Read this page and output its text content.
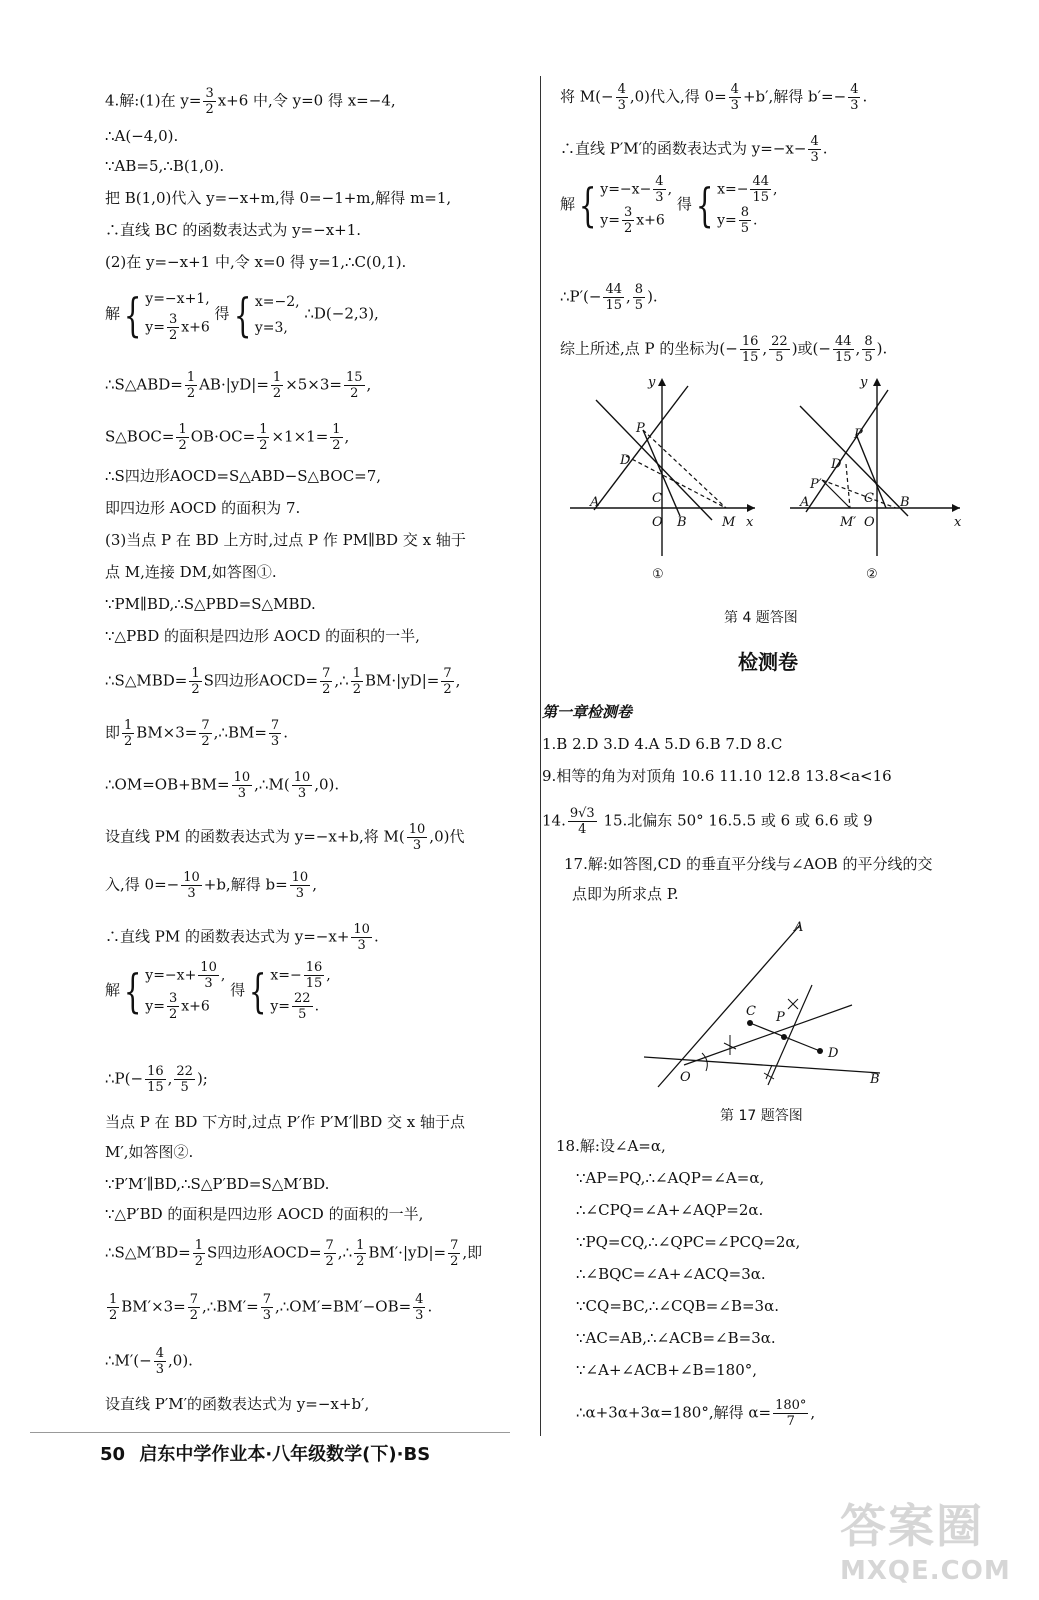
4.解:(1)在 $y= \frac{3}{2} x+6$ 中,令 y=0 得 x=−4,
∴A(−4,0).
∵AB=5,∴B(1,0).
把 B(1,0)代入 y=−x+m,得 0=−1+m,解得 m=1,
∴直线 BC 的函数表达式为 y=−x+1.
(2)在 y=−x+1 中,令 x=0 得 y=1,∴C(0,1).
解{ y=−x+1,
$y= \frac{3}{2} x+6$ 得{ x=−2,
y=3, ∴D(−2,3),
∴S△ABD= $\frac{1}{2} AB\cdot|yD|= \frac{1}{2} \times 5\times 3= \frac{15}{2}$ ,
S△BOC= $\frac{1}{2} OB\cdot OC= \frac{1}{2} \times 1\times 1= \frac{1}{2}$ ,
∴S四边形AOCD=S△ABD−S△BOC=7,
即四边形 AOCD 的面积为 7.
(3)当点 P 在 BD 上方时,过点 P 作 PM∥BD 交 x 轴于
点 M,连接 DM,如答图①.
∵PM∥BD,∴S△PBD=S△MBD.
∵△PBD 的面积是四边形 AOCD 的面积的一半,
∴S△MBD= $\frac{1}{2}$ S四边形AOCD= $\frac{7}{2}$ ,∴ $\frac{1}{2} BM\cdot|yD|= \frac{7}{2}$ ,
即 $\frac{1}{2} BM\times 3= \frac{7}{2}$ ,∴BM= $\frac{7}{3}$ .
∴OM=OB+BM= $\frac{10}{3}$ ,∴M( $\frac{10}{3} ,0$).
设直线 PM 的函数表达式为 y=−x+b,将 $M( \frac{10}{3} ,0)$代
入,得 $0=- \frac{10}{3} +b$,解得 $b= \frac{10}{3}$ ,
∴直线 PM 的函数表达式为 $y=-x+ \frac{10}{3}$ .
解{ $y=-x+ \frac{10}{3}$ ,
$y= \frac{3}{2} x+6$ 得{ $x=- \frac{16}{15}$ ,
$y= \frac{22}{5}$ .
∴P(− $\frac{16}{15}$ , $\frac{22}{5}$ );
当点 P 在 BD 下方时,过点 P′作 P′M′∥BD 交 x 轴于点
M′,如答图②.
∵P′M′∥BD,∴S△P′BD=S△M′BD.
∵△P′BD 的面积是四边形 AOCD 的面积的一半,
∴S△M′BD= $\frac{1}{2}$ S四边形AOCD= $\frac{7}{2}$ ,∴ $\frac{1}{2} BM'\cdot|yD|= \frac{7}{2}$ ,即
$\frac{1}{2} BM'\times 3= \frac{7}{2}$ ,∴BM′= $\frac{7}{3}$ ,∴OM′=BM′−OB= $\frac{4}{3}$ .
∴M′(− $\frac{4}{3} ,0$).
设直线 P′M′的函数表达式为 y=−x+b′,
将 $M(- \frac{4}{3} ,0)$代入,得 $0= \frac{4}{3} +b'$,解得 $b'=- \frac{4}{3}$ .
∴直线 P′M′的函数表达式为 $y=-x- \frac{4}{3}$ .
解{ $y=-x- \frac{4}{3}$ ,
$y= \frac{3}{2} x+6$ 得{ $x=- \frac{44}{15}$ ,
$y= \frac{8}{5}$ .
∴P′(− $\frac{44}{15}$ , $\frac{8}{5}$ ).
综上所述,点 P 的坐标为(− $\frac{16}{15}$ , $\frac{22}{5}$ )或(− $\frac{44}{15}$ , $\frac{8}{5}$ ).
A
D
P
C
O B	M x
y
①
A
D
P
P′
C
M′ O
B
x
y
②
第 4 题答图
检测卷
第一章检测卷
1.B 2.D 3.D 4.A 5.D 6.B 7.D 8.C
9.相等的角为对顶角 10.6 11.10 12.8 13.8<a<16
14. $\frac{9√3}{4} 15$.北偏东 50° 16.5.5 或 6 或 6.6 或 9
17.解:如答图,CD 的垂直平分线与∠AOB 的平分线的交
点即为所求点 P.
A
C P
D
O	B
第 17 题答图
18.解:设∠A=α,
∵AP=PQ,∴∠AQP=∠A=α,
∴∠CPQ=∠A+∠AQP=2α.
∵PQ=CQ,∴∠QPC=∠PCQ=2α,
∴∠BQC=∠A+∠ACQ=3α.
∵CQ=BC,∴∠CQB=∠B=3α.
∵AC=AB,∴∠ACB=∠B=3α.
∵∠A+∠ACB+∠B=180°,
∴α+3α+3α=180°,解得 $\alpha= \frac{180^\circ}{7}$ ,
50 启东中学作业本·八年级数学(下)·BS
答案圈
MXQE.COM
